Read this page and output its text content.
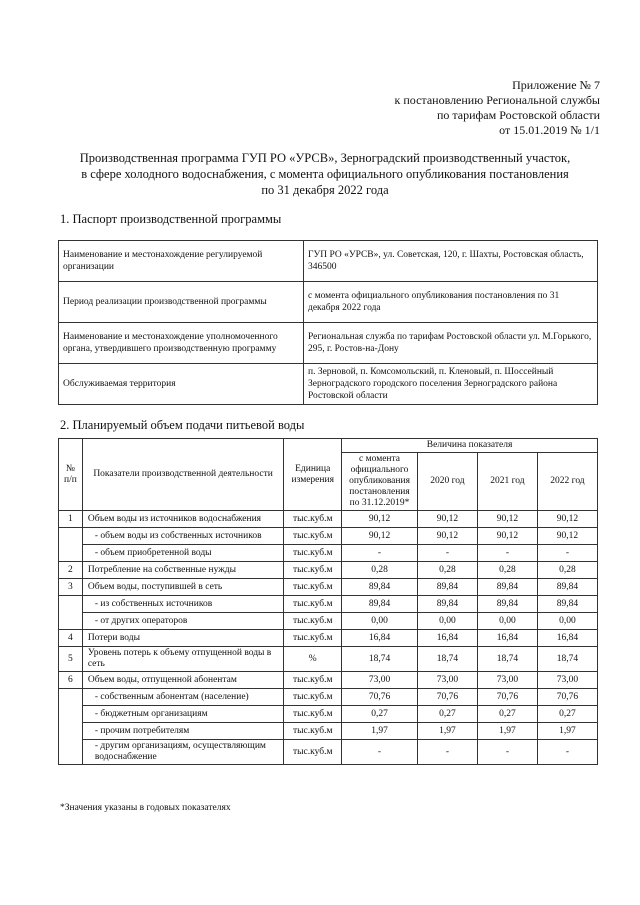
Приложение № 7
к постановлению Региональной службы
по тарифам Ростовской области
от 15.01.2019 № 1/1
Производственная программа ГУП РО «УРСВ», Зерноградский производственный участок,
в сфере холодного водоснабжения, с момента официального опубликования постановления
по 31 декабря 2022 года
1. Паспорт производственной программы
Наименование и местонахождение регулируемой организации	ГУП РО «УРСВ», ул. Советская, 120, г. Шахты, Ростовская область, 346500
Период реализации производственной программы	с момента официального опубликования постановления по 31 декабря 2022 года
Наименование и местонахождение уполномоченного органа, утвердившего производственную программу	Региональная служба по тарифам Ростовской области ул. М.Горького, 295, г. Ростов-на-Дону
Обслуживаемая территория	п. Зерновой, п. Комсомольский, п. Кленовый, п. Шоссейный Зерноградского городского поселения Зерноградского района Ростовской области
2. Планируемый объем подачи питьевой воды
№ п/п	Показатели производственной деятельности	Единица измерения	Величина показателя			
			с момента официального опубликования постановления по 31.12.2019*	2020 год	2021 год	2022 год
1	Объем воды из источников водоснабжения	тыс.куб.м	90,12	90,12	90,12	90,12
	- объем воды из собственных источников	тыс.куб.м	90,12	90,12	90,12	90,12
	- объем приобретенной воды	тыс.куб.м	-	-	-	-
2	Потребление на собственные нужды	тыс.куб.м	0,28	0,28	0,28	0,28
3	Объем воды, поступившей в сеть	тыс.куб.м	89,84	89,84	89,84	89,84
	- из собственных источников	тыс.куб.м	89,84	89,84	89,84	89,84
	- от других операторов	тыс.куб.м	0,00	0,00	0,00	0,00
4	Потери воды	тыс.куб.м	16,84	16,84	16,84	16,84
5	Уровень потерь к объему отпущенной воды в сеть	%	18,74	18,74	18,74	18,74
6	Объем воды, отпущенной абонентам	тыс.куб.м	73,00	73,00	73,00	73,00
	- собственным абонентам (население)	тыс.куб.м	70,76	70,76	70,76	70,76
	- бюджетным организациям	тыс.куб.м	0,27	0,27	0,27	0,27
	- прочим потребителям	тыс.куб.м	1,97	1,97	1,97	1,97
	- другим организациям, осуществляющим водоснабжение	тыс.куб.м	-	-	-	-
*Значения указаны в годовых показателях
